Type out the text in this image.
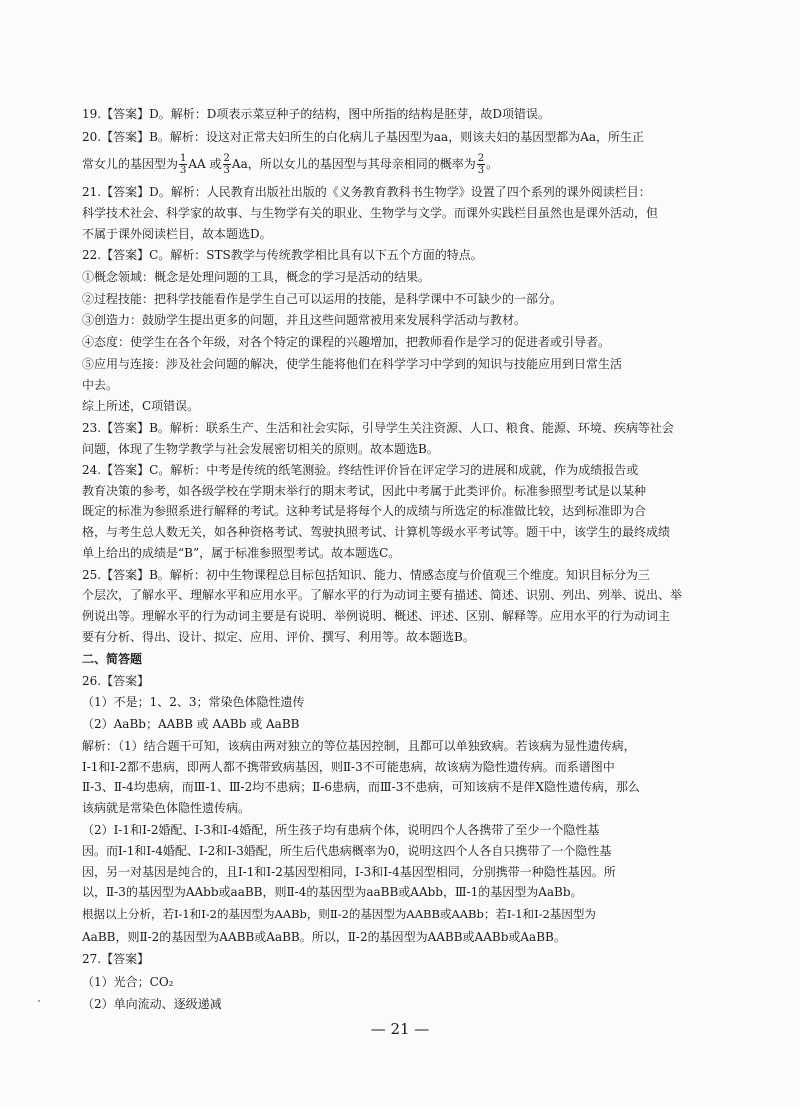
19.【答案】D。解析：D项表示菜豆种子的结构，图中所指的结构是胚芽，故D项错误。
20.【答案】B。解析：设这对正常夫妇所生的白化病儿子基因型为aa，则该夫妇的基因型都为Aa，所生正
常女儿的基因型为 $\frac{1}{3}$ AA 或 $\frac{2}{3}$ Aa，所以女儿的基因型与其母亲相同的概率为 $\frac{2}{3}$ 。
21.【答案】D。解析：人民教育出版社出版的《义务教育教科书生物学》设置了四个系列的课外阅读栏目：
科学技术社会、科学家的故事、与生物学有关的职业、生物学与文学。而课外实践栏目虽然也是课外活动，但
不属于课外阅读栏目，故本题选D。
22.【答案】C。解析：STS教学与传统教学相比具有以下五个方面的特点。
①概念领域：概念是处理问题的工具，概念的学习是活动的结果。
②过程技能：把科学技能看作是学生自己可以运用的技能，是科学课中不可缺少的一部分。
③创造力：鼓励学生提出更多的问题，并且这些问题常被用来发展科学活动与教材。
④态度：使学生在各个年级，对各个特定的课程的兴趣增加，把教师看作是学习的促进者或引导者。
⑤应用与连接：涉及社会问题的解决，使学生能将他们在科学学习中学到的知识与技能应用到日常生活
中去。
综上所述，C项错误。
23.【答案】B。解析：联系生产、生活和社会实际，引导学生关注资源、人口、粮食、能源、环境、疾病等社会
问题，体现了生物学教学与社会发展密切相关的原则。故本题选B。
24.【答案】C。解析：中考是传统的纸笔测验。终结性评价旨在评定学习的进展和成就，作为成绩报告或
教育决策的参考，如各级学校在学期末举行的期末考试，因此中考属于此类评价。标准参照型考试是以某种
既定的标准为参照系进行解释的考试。这种考试是将每个人的成绩与所选定的标准做比较，达到标准即为合
格，与考生总人数无关，如各种资格考试、驾驶执照考试、计算机等级水平考试等。题干中，该学生的最终成绩
单上给出的成绩是“B”，属于标准参照型考试。故本题选C。
25.【答案】B。解析：初中生物课程总目标包括知识、能力、情感态度与价值观三个维度。知识目标分为三
个层次，了解水平、理解水平和应用水平。了解水平的行为动词主要有描述、简述、识别、列出、列举、说出、举
例说出等。理解水平的行为动词主要是有说明、举例说明、概述、评述、区别、解释等。应用水平的行为动词主
要有分析、得出、设计、拟定、应用、评价、撰写、利用等。故本题选B。
二、简答题
26.【答案】
（1）不是；1、2、3；常染色体隐性遗传
（2）AaBb；AABB 或 AABb 或 AaBB
解析：（1）结合题干可知，该病由两对独立的等位基因控制，且都可以单独致病。若该病为显性遗传病，
Ⅰ-1和Ⅰ-2都不患病，即两人都不携带致病基因，则Ⅱ-3不可能患病，故该病为隐性遗传病。而系谱图中
Ⅱ-3、Ⅱ-4均患病，而Ⅲ-1、Ⅲ-2均不患病；Ⅱ-6患病，而Ⅲ-3不患病，可知该病不是伴X隐性遗传病，那么
该病就是常染色体隐性遗传病。
（2）Ⅰ-1和Ⅰ-2婚配、Ⅰ-3和Ⅰ-4婚配，所生孩子均有患病个体，说明四个人各携带了至少一个隐性基
因。而Ⅰ-1和Ⅰ-4婚配、Ⅰ-2和Ⅰ-3婚配，所生后代患病概率为0，说明这四个人各自只携带了一个隐性基
因，另一对基因是纯合的，且Ⅰ-1和Ⅰ-2基因型相同，Ⅰ-3和Ⅰ-4基因型相同，分别携带一种隐性基因。所
以，Ⅱ-3的基因型为AAbb或aaBB，则Ⅱ-4的基因型为aaBB或AAbb，Ⅲ-1的基因型为AaBb。
根据以上分析，若Ⅰ-1和Ⅰ-2的基因型为AABb，则Ⅱ-2的基因型为AABB或AABb；若Ⅰ-1和Ⅰ-2基因型为
— 21 —
AaBB，则Ⅱ-2的基因型为AABB或AaBB。所以，Ⅱ-2的基因型为AABB或AABb或AaBB。
27.【答案】
（1）光合；CO₂
（2）单向流动、逐级递减
